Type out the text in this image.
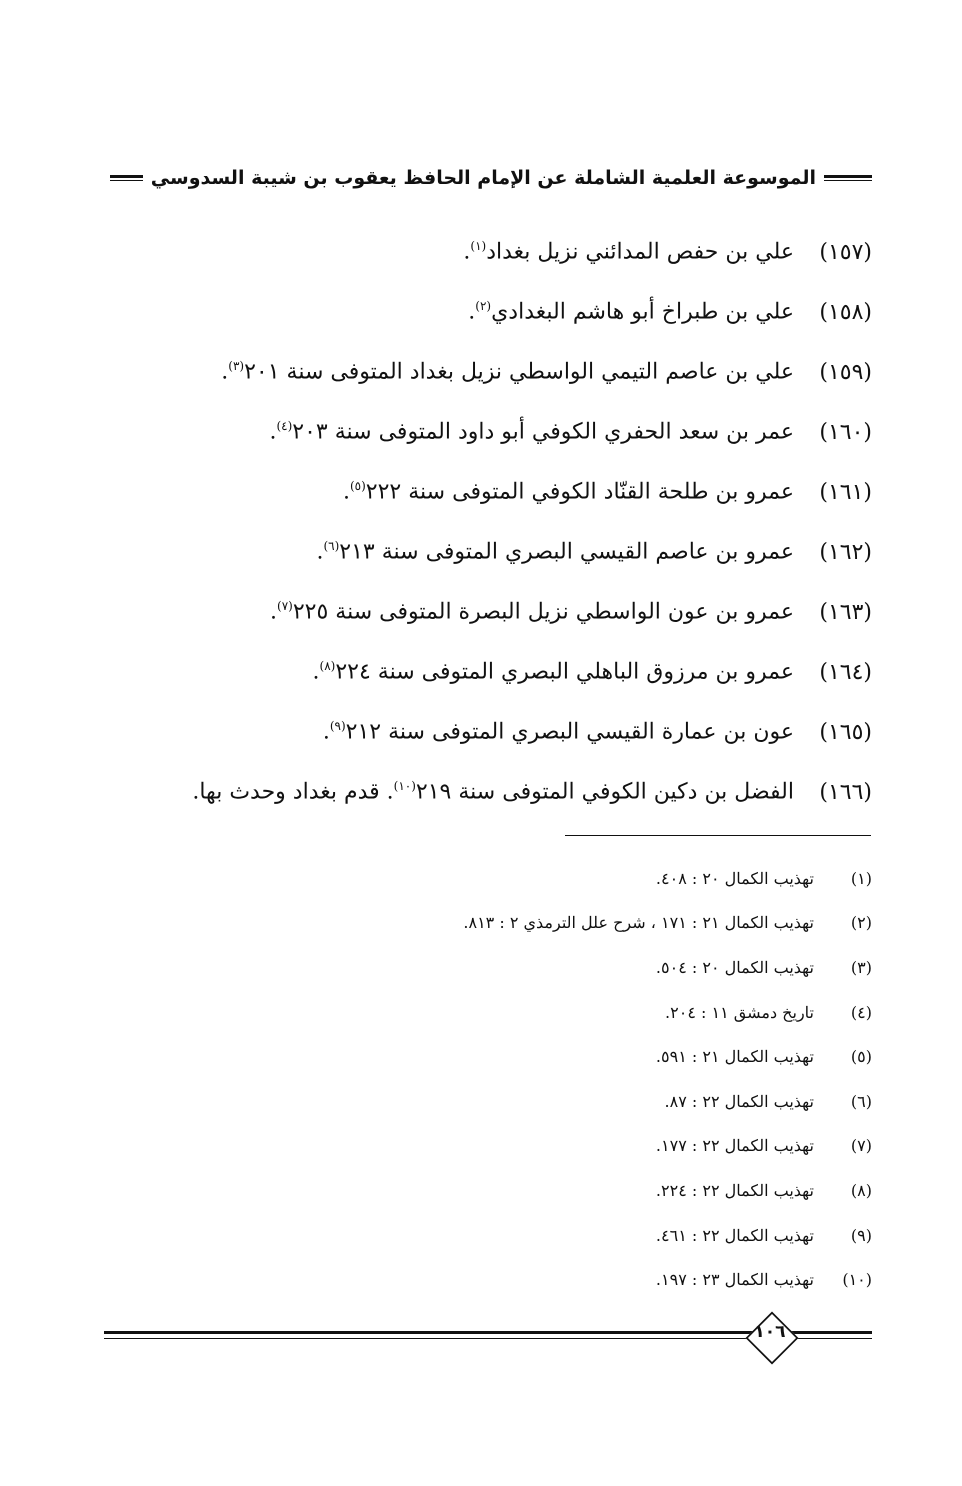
الموسوعة العلمية الشاملة عن الإمام الحافظ يعقوب بن شيبة السدوسي
(١٥٧)
علي بن حفص المدائني نزيل بغداد$^{(١)}$.
(١٥٨)
علي بن طبراخ أبو هاشم البغدادي$^{(٢)}$.
(١٥٩)
علي بن عاصم التيمي الواسطي نزيل بغداد المتوفى سنة ٢٠١$^{(٣)}$.
(١٦٠)
عمر بن سعد الحفري الكوفي أبو داود المتوفى سنة ٢٠٣$^{(٤)}$.
(١٦١)
عمرو بن طلحة القنّاد الكوفي المتوفى سنة ٢٢٢$^{(٥)}$.
(١٦٢)
عمرو بن عاصم القيسي البصري المتوفى سنة ٢١٣$^{(٦)}$.
(١٦٣)
عمرو بن عون الواسطي نزيل البصرة المتوفى سنة ٢٢٥$^{(٧)}$.
(١٦٤)
عمرو بن مرزوق الباهلي البصري المتوفى سنة ٢٢٤$^{(٨)}$.
(١٦٥)
عون بن عمارة القيسي البصري المتوفى سنة ٢١٢$^{(٩)}$.
(١٦٦)
الفضل بن دكين الكوفي المتوفى سنة ٢١٩$^{(١٠)}$. قدم بغداد وحدث بها.
(١)
تهذيب الكمال ٢٠ : ٤٠٨.
(٢)
تهذيب الكمال ٢١ : ١٧١ ، شرح علل الترمذي ٢ : ٨١٣.
(٣)
تهذيب الكمال ٢٠ : ٥٠٤.
(٤)
تاريخ دمشق ١١ : ٢٠٤.
(٥)
تهذيب الكمال ٢١ : ٥٩١.
(٦)
تهذيب الكمال ٢٢ : ٨٧.
(٧)
تهذيب الكمال ٢٢ : ١٧٧.
(٨)
تهذيب الكمال ٢٢ : ٢٢٤.
(٩)
تهذيب الكمال ٢٢ : ٤٦١.
(١٠)
تهذيب الكمال ٢٣ : ١٩٧.
١٠٦
